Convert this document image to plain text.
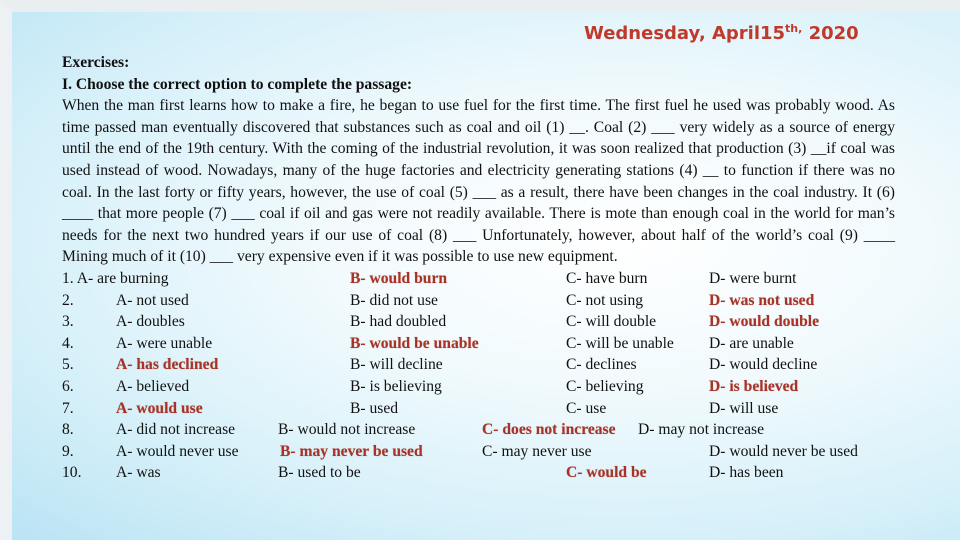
Wednesday, $April15^{th,}$ 2020
Exercises:
I. Choose the correct option to complete the passage:
When the man first learns how to make a fire, he began to use fuel for the first time. The first fuel he used was probably wood. As time passed man eventually discovered that substances such as coal and oil (1) __. Coal (2) ___ very widely as a source of energy until the end of the 19th century. With the coming of the industrial revolution, it was soon realized that production (3) __if coal was used instead of wood. Nowadays, many of the huge factories and electricity generating stations (4) __ to function if there was no coal. In the last forty or fifty years, however, the use of coal (5) ___ as a result, there have been changes in the coal industry. It (6) ____ that more people (7) ___ coal if oil and gas were not readily available. There is mote than enough coal in the world for man’s needs for the next two hundred years if our use of coal (8) ___ Unfortunately, however, about half of the world’s coal (9) ____ Mining much of it (10) ___ very expensive even if it was possible to use new equipment.
1. A- are burning	B- would burn	C- have burn	D- were burnt
2.	A- not used	B- did not use	C- not using	D- was not used
3.	A- doubles	B- had doubled	C- will double	D- would double
4.	A- were unable	B- would be unable	C- will be unable D- are unable
5.	A- has declined	B- will decline	C- declines	D- would decline
6.	A- believed	B- is believing	C- believing	D- is believed
7.	A- would use	B- used	C- use	D- will use
8.	A- did not increase	B- would not increase	C- does not increase D- may not increase
9.	A- would never use	B- may never be used	C- may never use	D- would never be used
10. A- was	B- used to be	C- would be	D- has been
